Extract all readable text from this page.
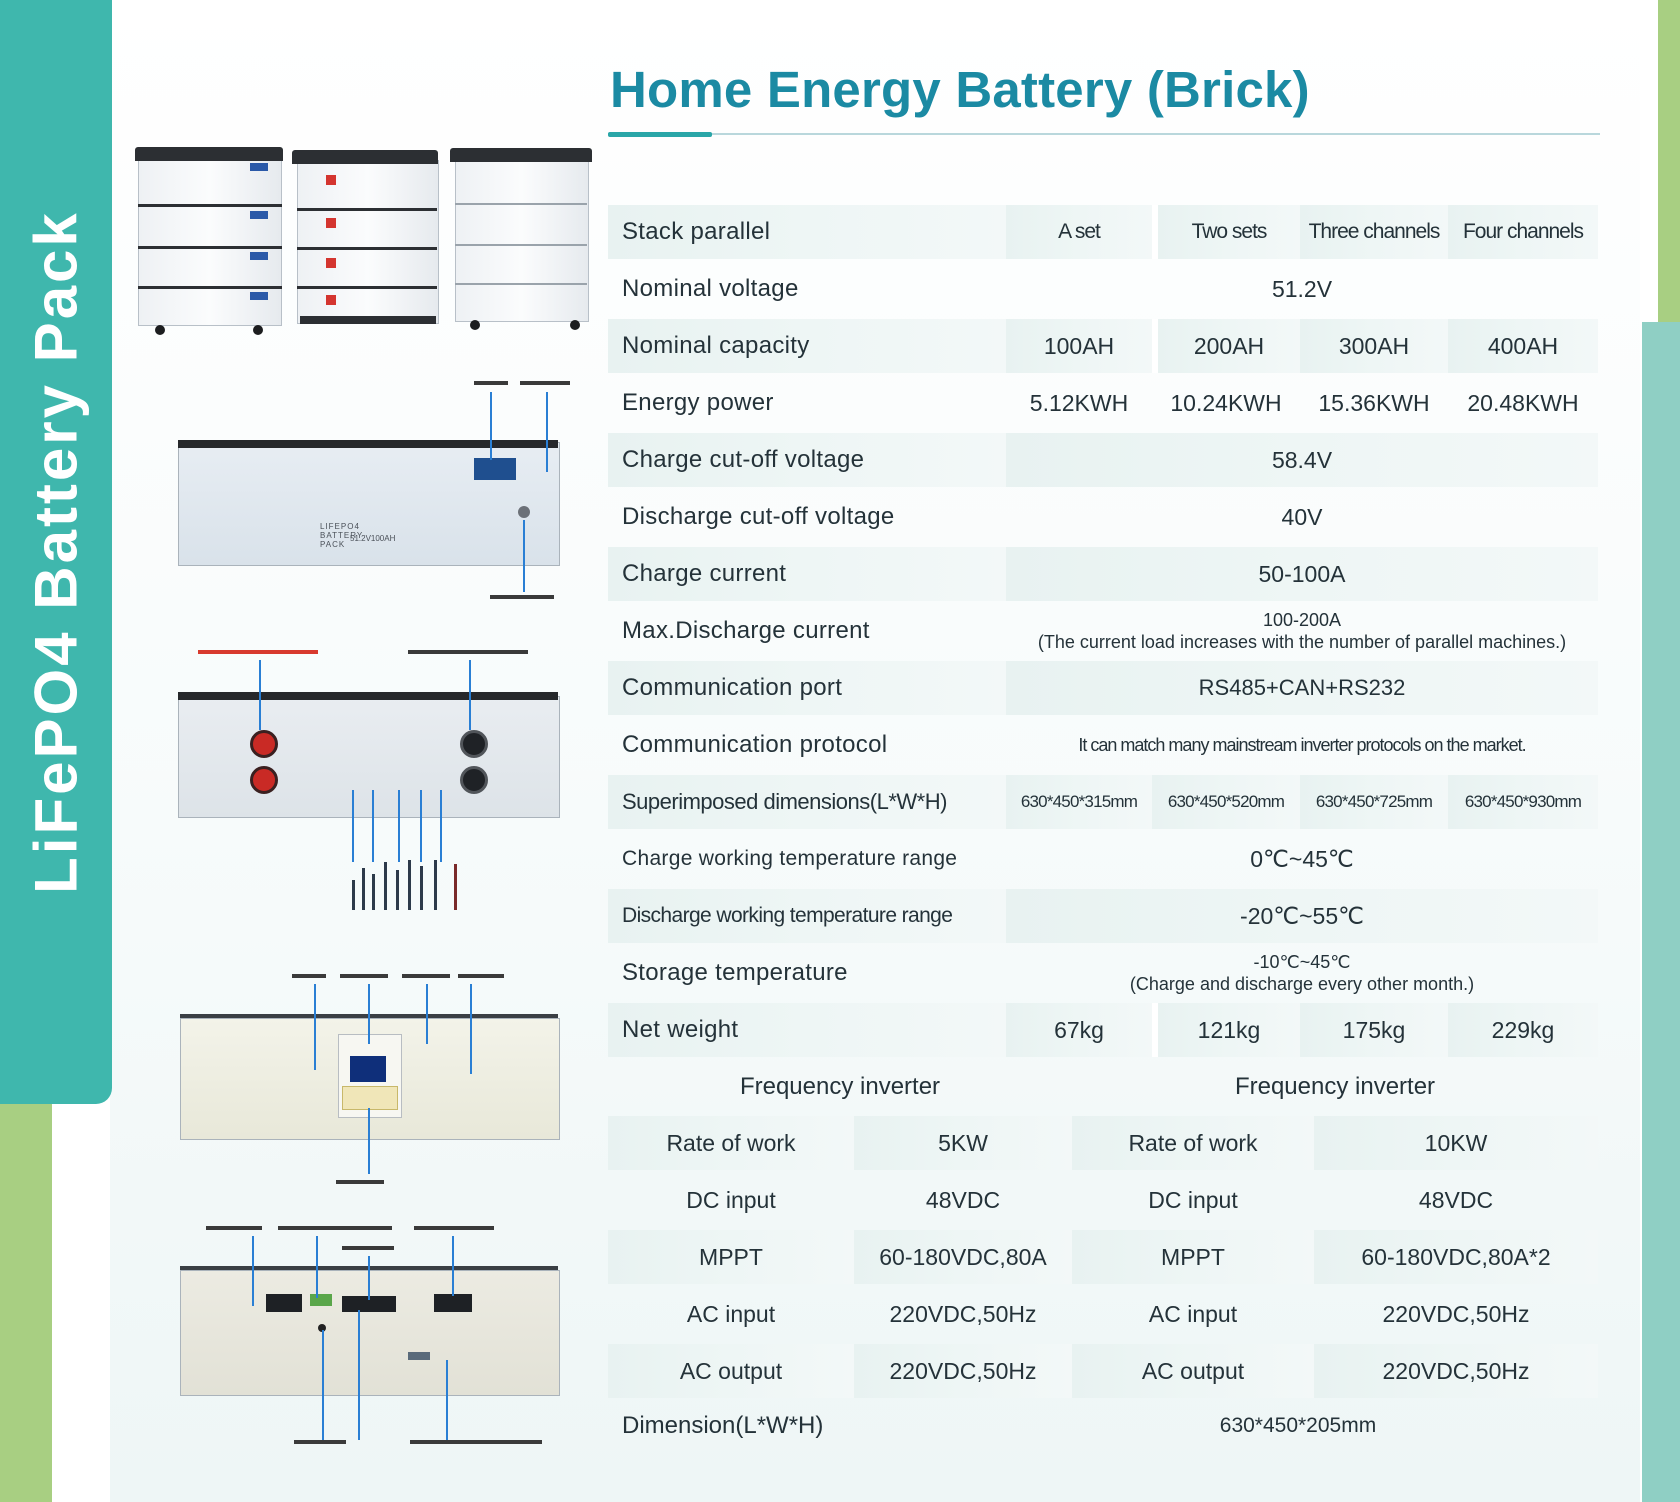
LiFePO4 Battery Pack
Home Energy Battery (Brick)
LIFEPO4 BATTERY PACK
51.2V100AH
Stack parallel	A set	Two sets	Three channels	Four channels
Nominal voltage	51.2V			
Nominal capacity	100AH	200AH	300AH	400AH
Energy power	5.12KWH	10.24KWH	15.36KWH	20.48KWH
Charge cut-off voltage	58.4V			
Discharge cut-off voltage	40V			
Charge current	50-100A			
Max.Discharge current	100-200A
(The current load increases with the number of parallel machines.)			

Communication port	RS485+CAN+RS232			
Communication protocol	It can match many mainstream inverter protocols on the market.			
Superimposed dimensions(L*W*H)	630*450*315mm	630*450*520mm	630*450*725mm	630*450*930mm
Charge working temperature range	0℃~45℃			
Discharge working temperature range	-20℃~55℃			
Storage temperature	-10℃~45℃
(Charge and discharge every other month.)			

Net weight	67kg	121kg	175kg	229kg
Frequency inverter		Frequency inverter	
Rate of work	5KW	Rate of work	10KW
DC input	48VDC	DC input	48VDC
MPPT	60-180VDC,80A	MPPT	60-180VDC,80A*2
AC input	220VDC,50Hz	AC input	220VDC,50Hz
AC output	220VDC,50Hz	AC output	220VDC,50Hz
Dimension(L*W*H)	630*450*205mm
